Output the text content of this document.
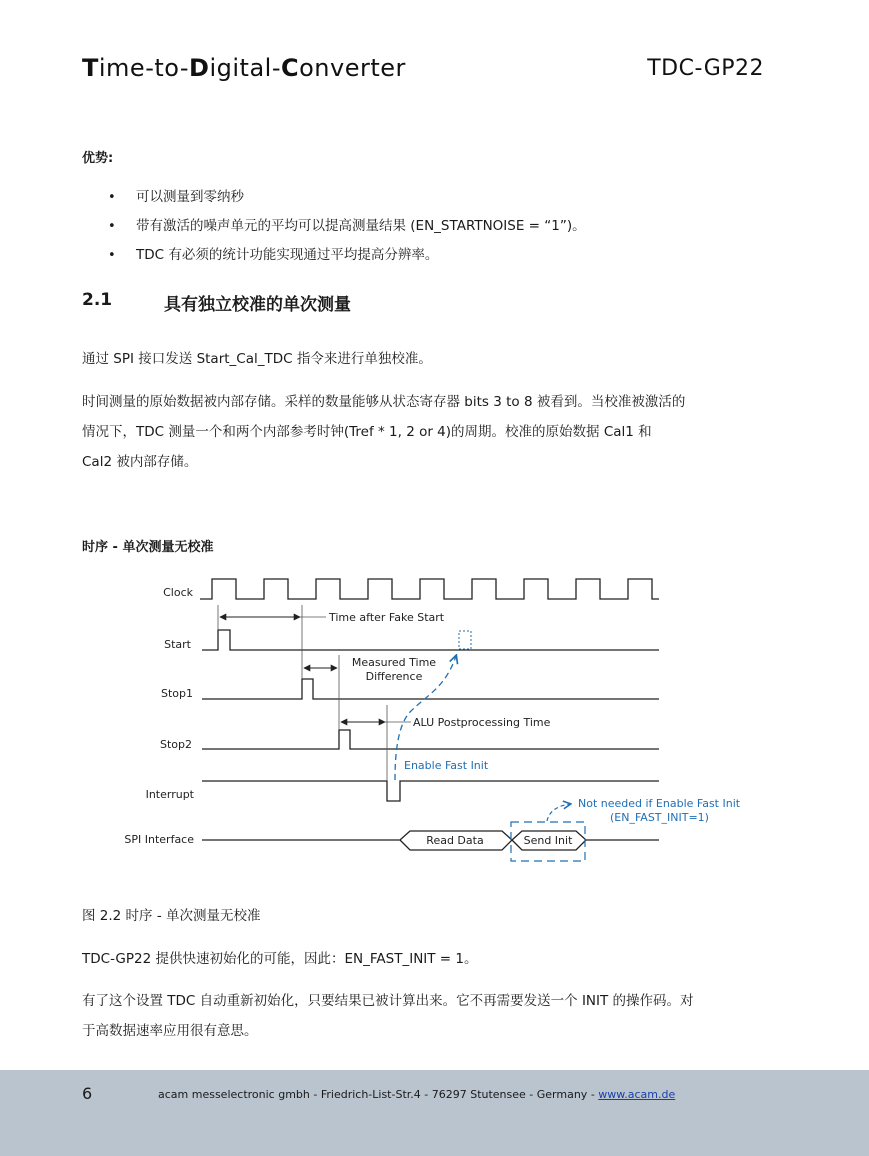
Time-to-Digital-Converter	TDC-GP22
优势:
• 可以测量到零纳秒
• 带有激活的噪声单元的平均可以提高测量结果 (EN_STARTNOISE = “1”)。
• TDC 有必须的统计功能实现通过平均提高分辨率。
2.1	具有独立校准的单次测量
通过 SPI 接口发送 Start_Cal_TDC 指令来进行单独校准。
时间测量的原始数据被内部存储。采样的数量能够从状态寄存器 bits 3 to 8 被看到。当校准被激活的
情况下，TDC 测量一个和两个内部参考时钟(Tref * 1, 2 or 4)的周期。校准的原始数据 Cal1 和
Cal2 被内部存储。
时序 - 单次测量无校准
Clock
Start
Stop1
Stop2
Interrupt
SPI Interface	Read Data	Send Init
Time after Fake Start
Measured Time
Difference
ALU Postprocessing Time
Enable Fast Init
Not needed if Enable Fast Init
(EN_FAST_INIT=1)
图 2.2 时序 - 单次测量无校准
TDC-GP22 提供快速初始化的可能，因此：EN_FAST_INIT = 1。
有了这个设置 TDC 自动重新初始化，只要结果已被计算出来。它不再需要发送一个 INIT 的操作码。对
于高数据速率应用很有意思。
6	acam messelectronic gmbh - Friedrich-List-Str.4 - 76297 Stutensee - Germany - www.acam.de
